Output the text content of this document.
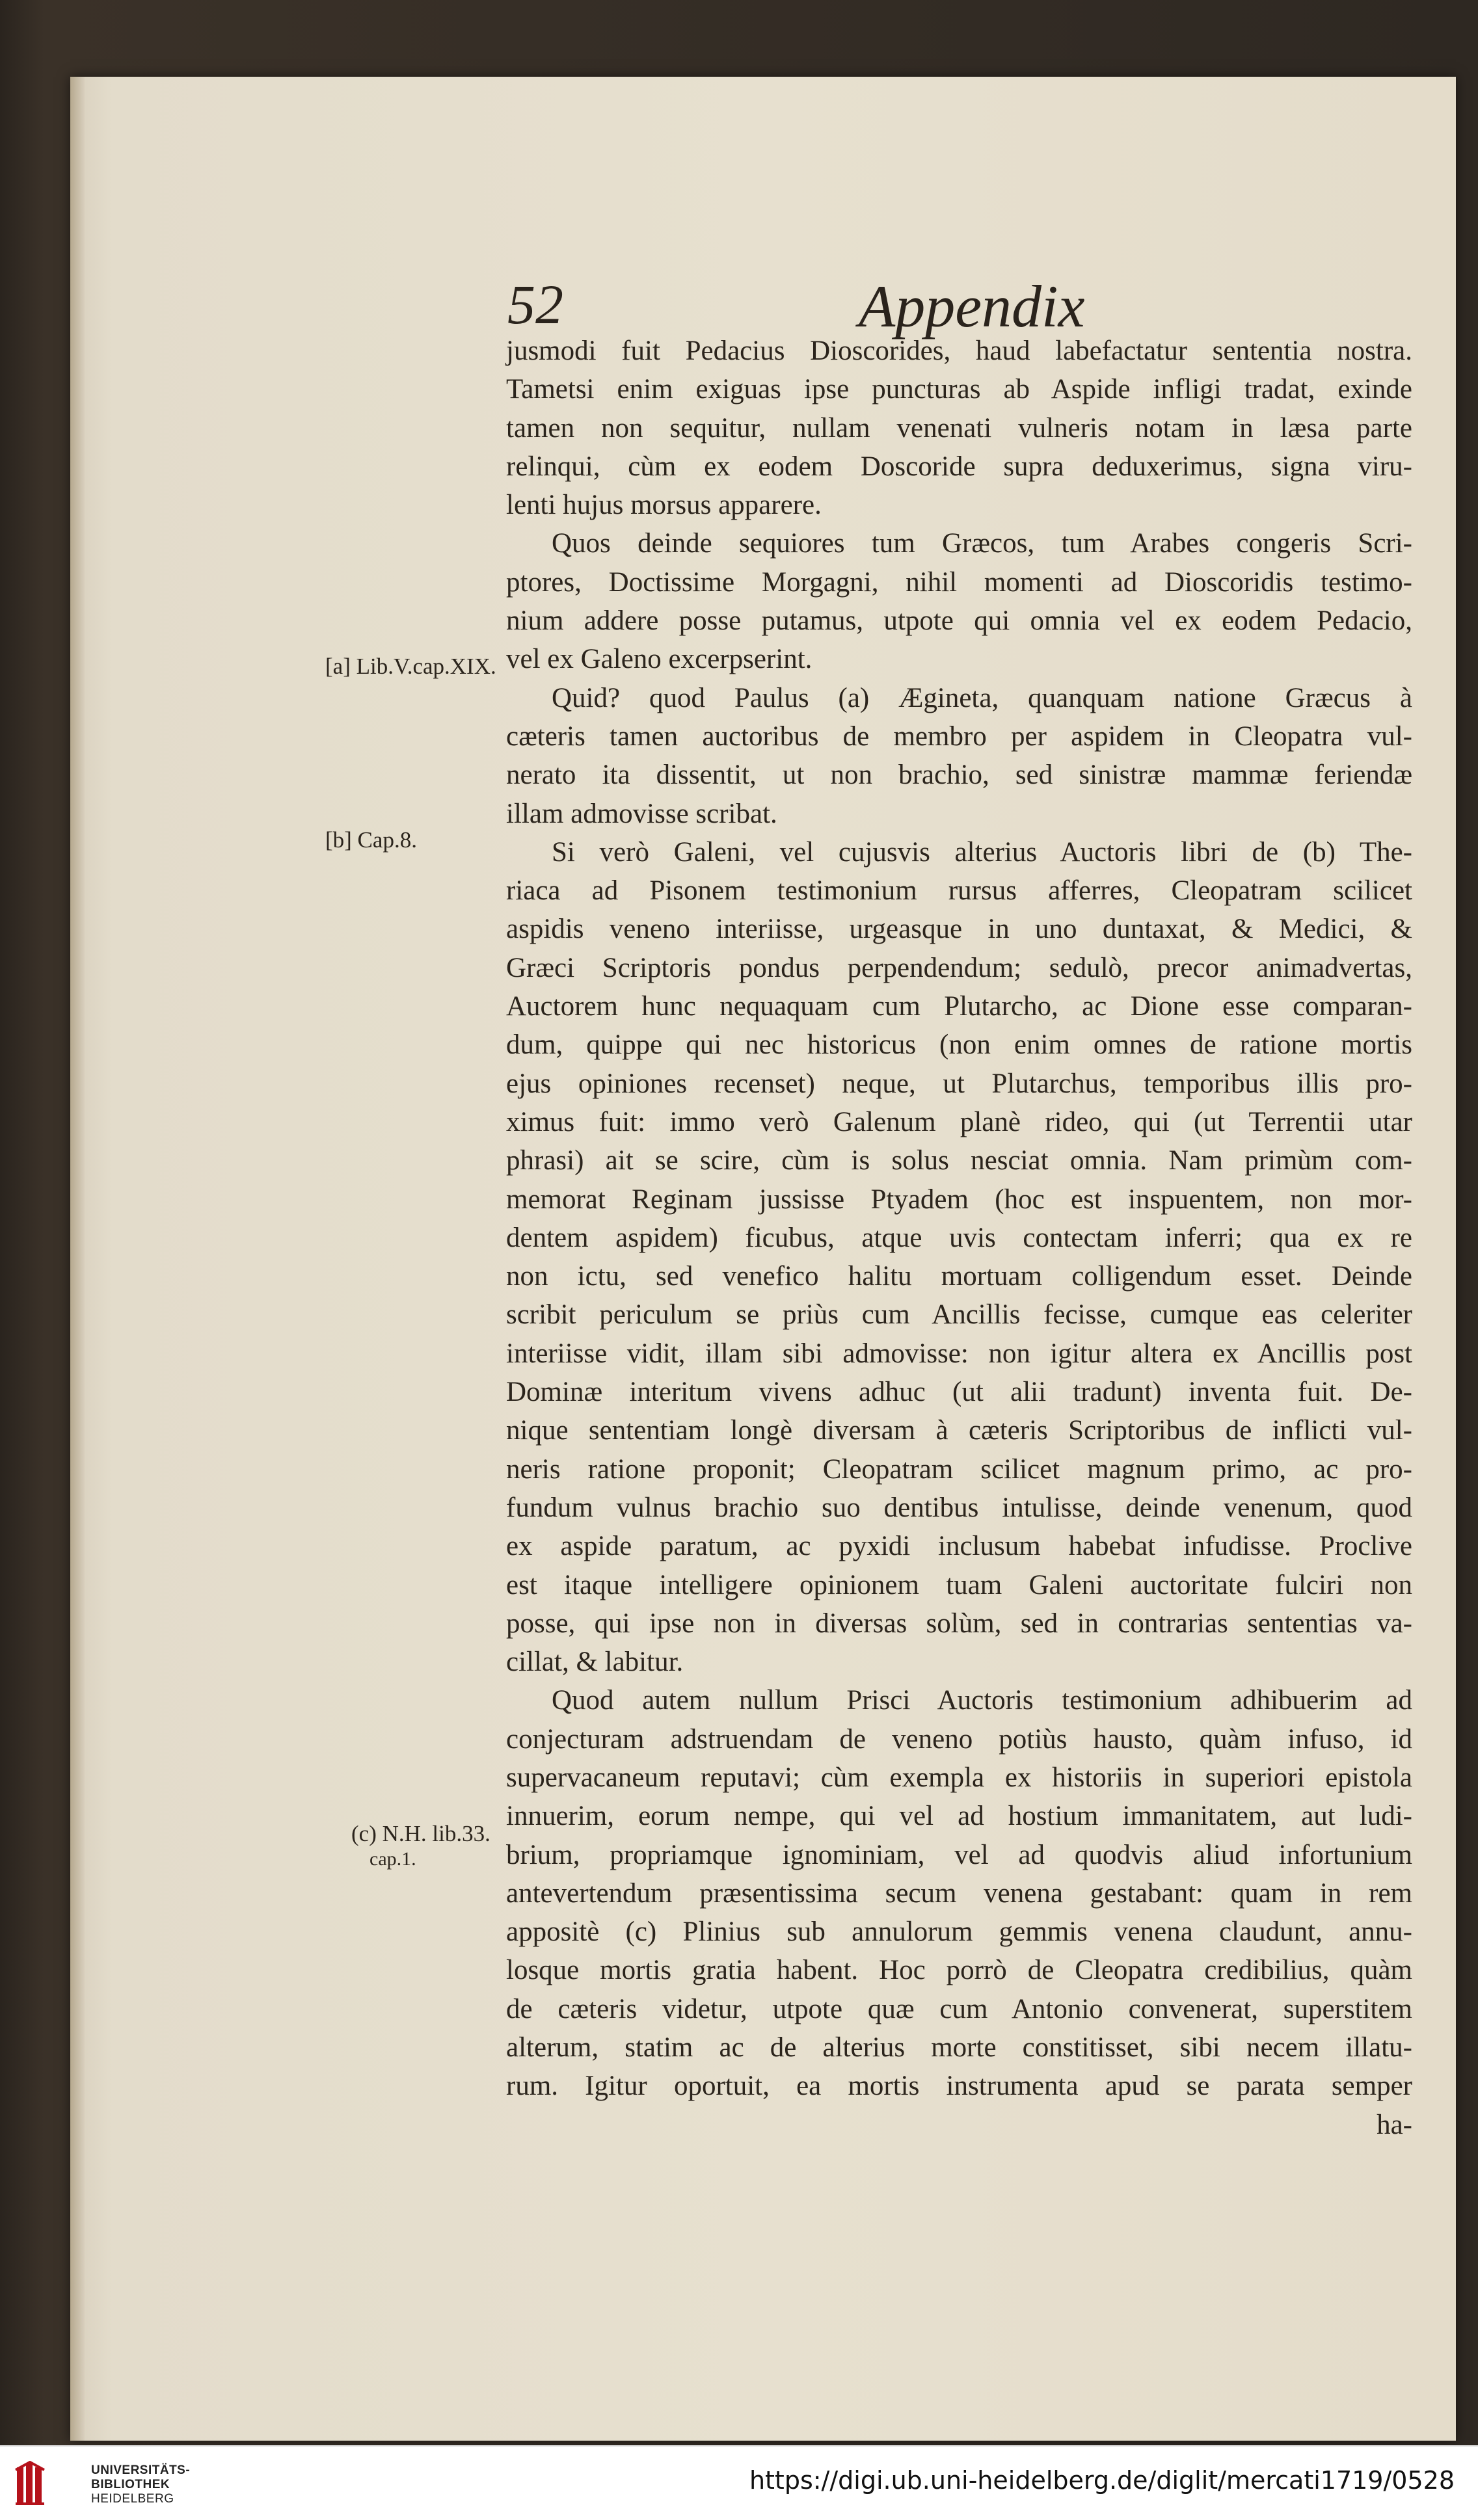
52	Appendix
jusmodi fuit Pedacius Dioscorides, haud labefactatur sententia nostra.
Tametsi enim exiguas ipse puncturas ab Aspide infligi tradat, exinde
tamen non sequitur, nullam venenati vulneris notam in læsa parte
relinqui, cùm ex eodem Doscoride supra deduxerimus, signa viru-
lenti hujus morsus apparere.
Quos deinde sequiores tum Græcos, tum Arabes congeris Scri-
ptores, Doctissime Morgagni, nihil momenti ad Dioscoridis testimo-
nium addere posse putamus, utpote qui omnia vel ex eodem Pedacio,
vel ex Galeno excerpserint.
Quid? quod Paulus (a) Ægineta, quanquam natione Græcus à
cæteris tamen auctoribus de membro per aspidem in Cleopatra vul-
nerato ita dissentit, ut non brachio, sed sinistræ mammæ feriendæ
illam admovisse scribat.
Si verò Galeni, vel cujusvis alterius Auctoris libri de (b) The-
riaca ad Pisonem testimonium rursus afferres, Cleopatram scilicet
aspidis veneno interiisse, urgeasque in uno duntaxat, & Medici, &
Græci Scriptoris pondus perpendendum; sedulò, precor animadvertas,
Auctorem hunc nequaquam cum Plutarcho, ac Dione esse comparan-
dum, quippe qui nec historicus (non enim omnes de ratione mortis
ejus opiniones recenset) neque, ut Plutarchus, temporibus illis pro-
ximus fuit: immo verò Galenum planè rideo, qui (ut Terrentii utar
phrasi) ait se scire, cùm is solus nesciat omnia. Nam primùm com-
memorat Reginam jussisse Ptyadem (hoc est inspuentem, non mor-
dentem aspidem) ficubus, atque uvis contectam inferri; qua ex re
non ictu, sed venefico halitu mortuam colligendum esset. Deinde
scribit periculum se priùs cum Ancillis fecisse, cumque eas celeriter
interiisse vidit, illam sibi admovisse: non igitur altera ex Ancillis post
Dominæ interitum vivens adhuc (ut alii tradunt) inventa fuit. De-
nique sententiam longè diversam à cæteris Scriptoribus de inflicti vul-
neris ratione proponit; Cleopatram scilicet magnum primo, ac pro-
fundum vulnus brachio suo dentibus intulisse, deinde venenum, quod
ex aspide paratum, ac pyxidi inclusum habebat infudisse. Proclive
est itaque intelligere opinionem tuam Galeni auctoritate fulciri non
posse, qui ipse non in diversas solùm, sed in contrarias sententias va-
cillat, & labitur.
Quod autem nullum Prisci Auctoris testimonium adhibuerim ad
conjecturam adstruendam de veneno potiùs hausto, quàm infuso, id
supervacaneum reputavi; cùm exempla ex historiis in superiori epistola
innuerim, eorum nempe, qui vel ad hostium immanitatem, aut ludi-
brium, propriamque ignominiam, vel ad quodvis aliud infortunium
antevertendum præsentissima secum venena gestabant: quam in rem
appositè (c) Plinius sub annulorum gemmis venena claudunt, annu-
losque mortis gratia habent. Hoc porrò de Cleopatra credibilius, quàm
de cæteris videtur, utpote quæ cum Antonio convenerat, superstitem
alterum, statim ac de alterius morte constitisset, sibi necem illatu-
rum. Igitur oportuit, ea mortis instrumenta apud se parata semper
ha-
[a] Lib.V.cap.XIX.
[b] Cap.8.
(c) N.H. lib.33.
cap.1.
UNIVERSITÄTS-
BIBLIOTHEK
HEIDELBERG
https://digi.ub.uni-heidelberg.de/diglit/mercati1719/0528
